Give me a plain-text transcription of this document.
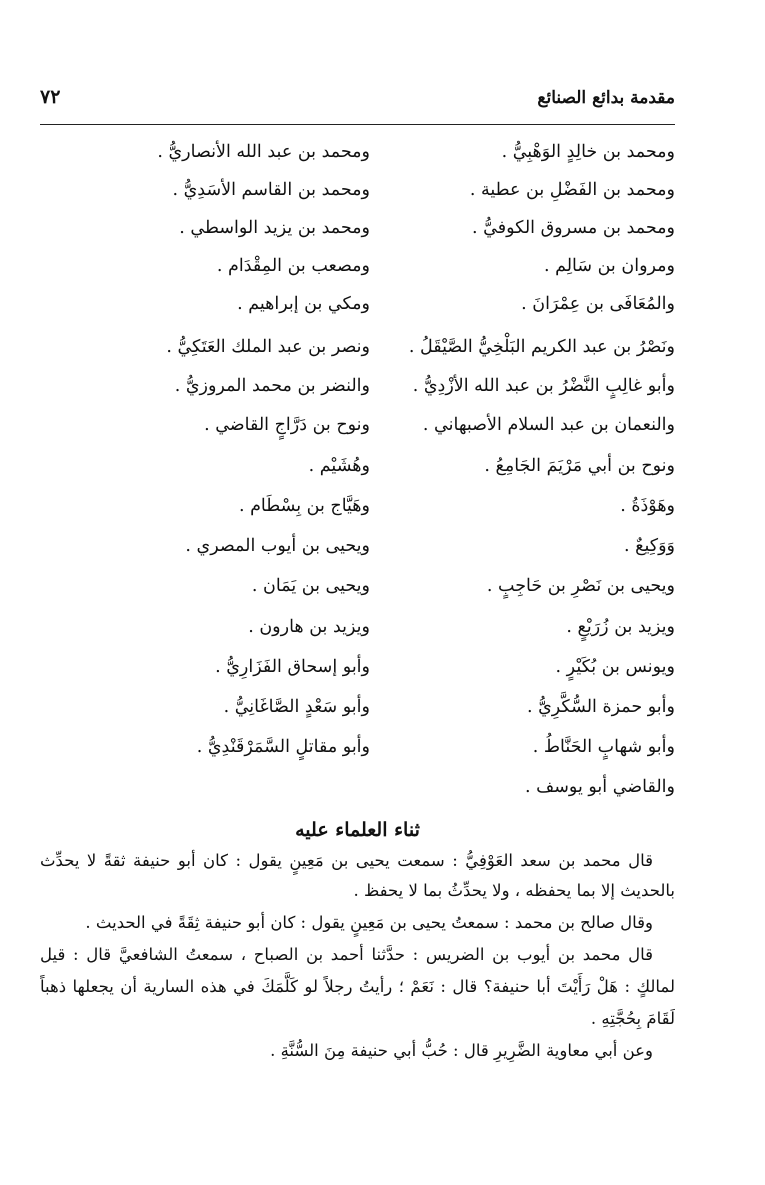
مقدمة بدائع الصنائع
٧٢
ومحمد بن خالِدٍ الوَهْبِيُّ .
ومحمد بن الفَضْلِ بن عطية .
ومحمد بن مسروق الكوفيُّ .
ومروان بن سَالِم .
والمُعَافَى بن عِمْرَانَ .
ونَصْرُ بن عبد الكريم البَلْخِيُّ الصَّيْقَلُ .
وأبو غالِبٍ النَّضْرُ بن عبد الله الأزْدِيُّ .
والنعمان بن عبد السلام الأصبهاني .
ونوح بن أبي مَرْيَمَ الجَامِعُ .
وهَوْذَةُ .
وَوَكِيعٌ .
ويحيى بن نَصْرِ بن حَاجِبٍ .
ويزيد بن زُرَيْعٍ .
ويونس بن بُكَيْرٍ .
وأبو حمزة السُّكَّرِيُّ .
وأبو شهابٍ الحَنَّاطُ .
والقاضي أبو يوسف .
ومحمد بن عبد الله الأنصاريُّ .
ومحمد بن القاسم الأسَدِيُّ .
ومحمد بن يزيد الواسطي .
ومصعب بن المِقْدَام .
ومكي بن إبراهيم .
ونصر بن عبد الملك العَتَكِيُّ .
والنضر بن محمد المروزيُّ .
ونوح بن دَرَّاجٍ القاضي .
وهُشَيْم .
وهَيَّاج بن بِسْطَام .
ويحيى بن أيوب المصري .
ويحيى بن يَمَان .
ويزيد بن هارون .
وأبو إسحاق الفَزَارِيُّ .
وأبو سَعْدٍ الصَّاغَانِيُّ .
وأبو مقاتلٍ السَّمَرْقَنْدِيُّ .
ثناء العلماء عليه
قال محمد بن سعد العَوْفِيُّ : سمعت يحيى بن مَعِينٍ يقول : كان أبو حنيفة ثقةً لا يحدِّث
بالحديث إلا بما يحفظه ، ولا يحدِّثُ بما لا يحفظ .
وقال صالح بن محمد : سمعتُ يحيى بن مَعِينٍ يقول : كان أبو حنيفة ثِقَةً في الحديث .
قال محمد بن أيوب بن الضريس : حدَّثنا أحمد بن الصباح ، سمعتُ الشافعيَّ قال : قيل
لمالكٍ : هَلْ رَأَيْتَ أبا حنيفة؟ قال : نَعَمْ ؛ رأيتُ رجلاً لو كَلَّمَكَ في هذه السارية أن يجعلها ذهباً
لَقَامَ بِحُجَّتِهِ .
وعن أبي معاوية الضَّرِيرِ قال : حُبُّ أبي حنيفة مِنَ السُّنَّةِ .
